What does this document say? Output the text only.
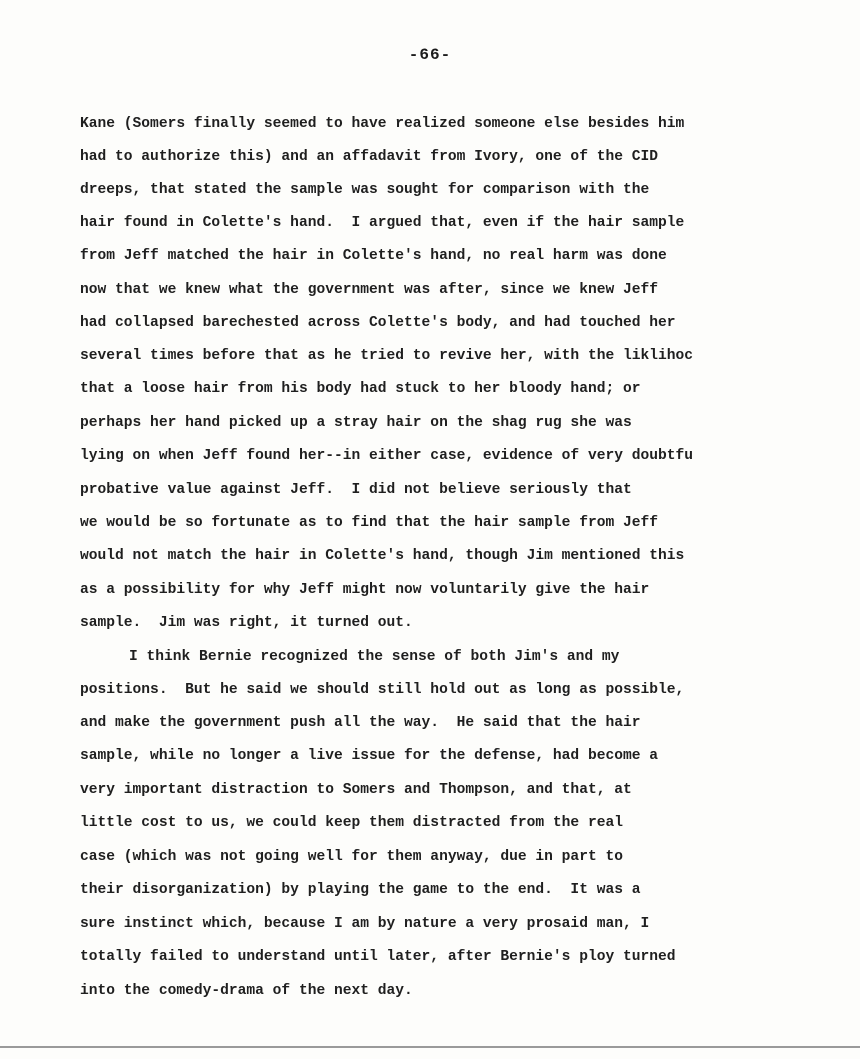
-66-
Kane (Somers finally seemed to have realized someone else besides him
had to authorize this) and an affadavit from Ivory, one of the CID
dreeps, that stated the sample was sought for comparison with the
hair found in Colette's hand.  I argued that, even if the hair sample
from Jeff matched the hair in Colette's hand, no real harm was done
now that we knew what the government was after, since we knew Jeff
had collapsed barechested across Colette's body, and had touched her
several times before that as he tried to revive her, with the liklihoc
that a loose hair from his body had stuck to her bloody hand; or
perhaps her hand picked up a stray hair on the shag rug she was
lying on when Jeff found her--in either case, evidence of very doubtfu
probative value against Jeff.  I did not believe seriously that
we would be so fortunate as to find that the hair sample from Jeff
would not match the hair in Colette's hand, though Jim mentioned this
as a possibility for why Jeff might now voluntarily give the hair
sample.  Jim was right, it turned out.
I think Bernie recognized the sense of both Jim's and my
positions.  But he said we should still hold out as long as possible,
and make the government push all the way.  He said that the hair
sample, while no longer a live issue for the defense, had become a
very important distraction to Somers and Thompson, and that, at
little cost to us, we could keep them distracted from the real
case (which was not going well for them anyway, due in part to
their disorganization) by playing the game to the end.  It was a
sure instinct which, because I am by nature a very prosaid man, I
totally failed to understand until later, after Bernie's ploy turned
into the comedy-drama of the next day.
